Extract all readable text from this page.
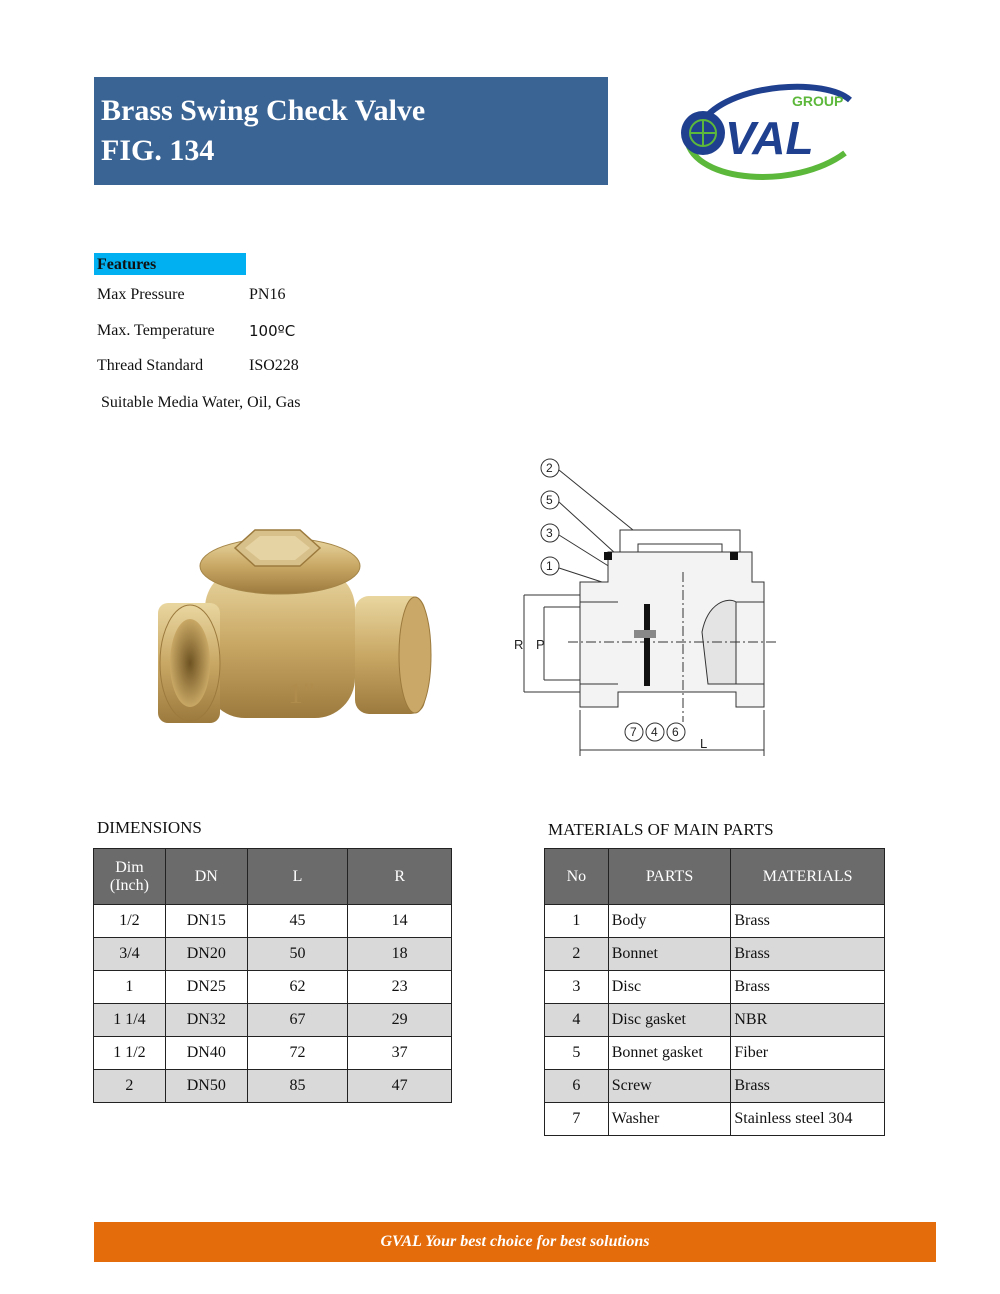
Brass Swing Check Valve
FIG. 134
GROUP
VAL
Features
Max Pressure	PN16
Max. Temperature 100ºC
Thread Standard	ISO228
Suitable Media Water, Oil, Gas
1"
2
5
3
1
7 4 6
R P
L
DIMENSIONS
Dim
(Inch)	DN	L	R
1/2	DN15	45	14
3/4	DN20	50	18
1	DN25	62	23
1 1/4	DN32	67	29
1 1/2	DN40	72	37
2	DN50	85	47
MATERIALS OF MAIN PARTS
No	PARTS	MATERIALS
1	Body	Brass
2	Bonnet	Brass
3	Disc	Brass
4	Disc gasket	NBR
5	Bonnet gasket	Fiber
6	Screw	Brass
7	Washer	Stainless steel 304
GVAL Your best choice for best solutions
